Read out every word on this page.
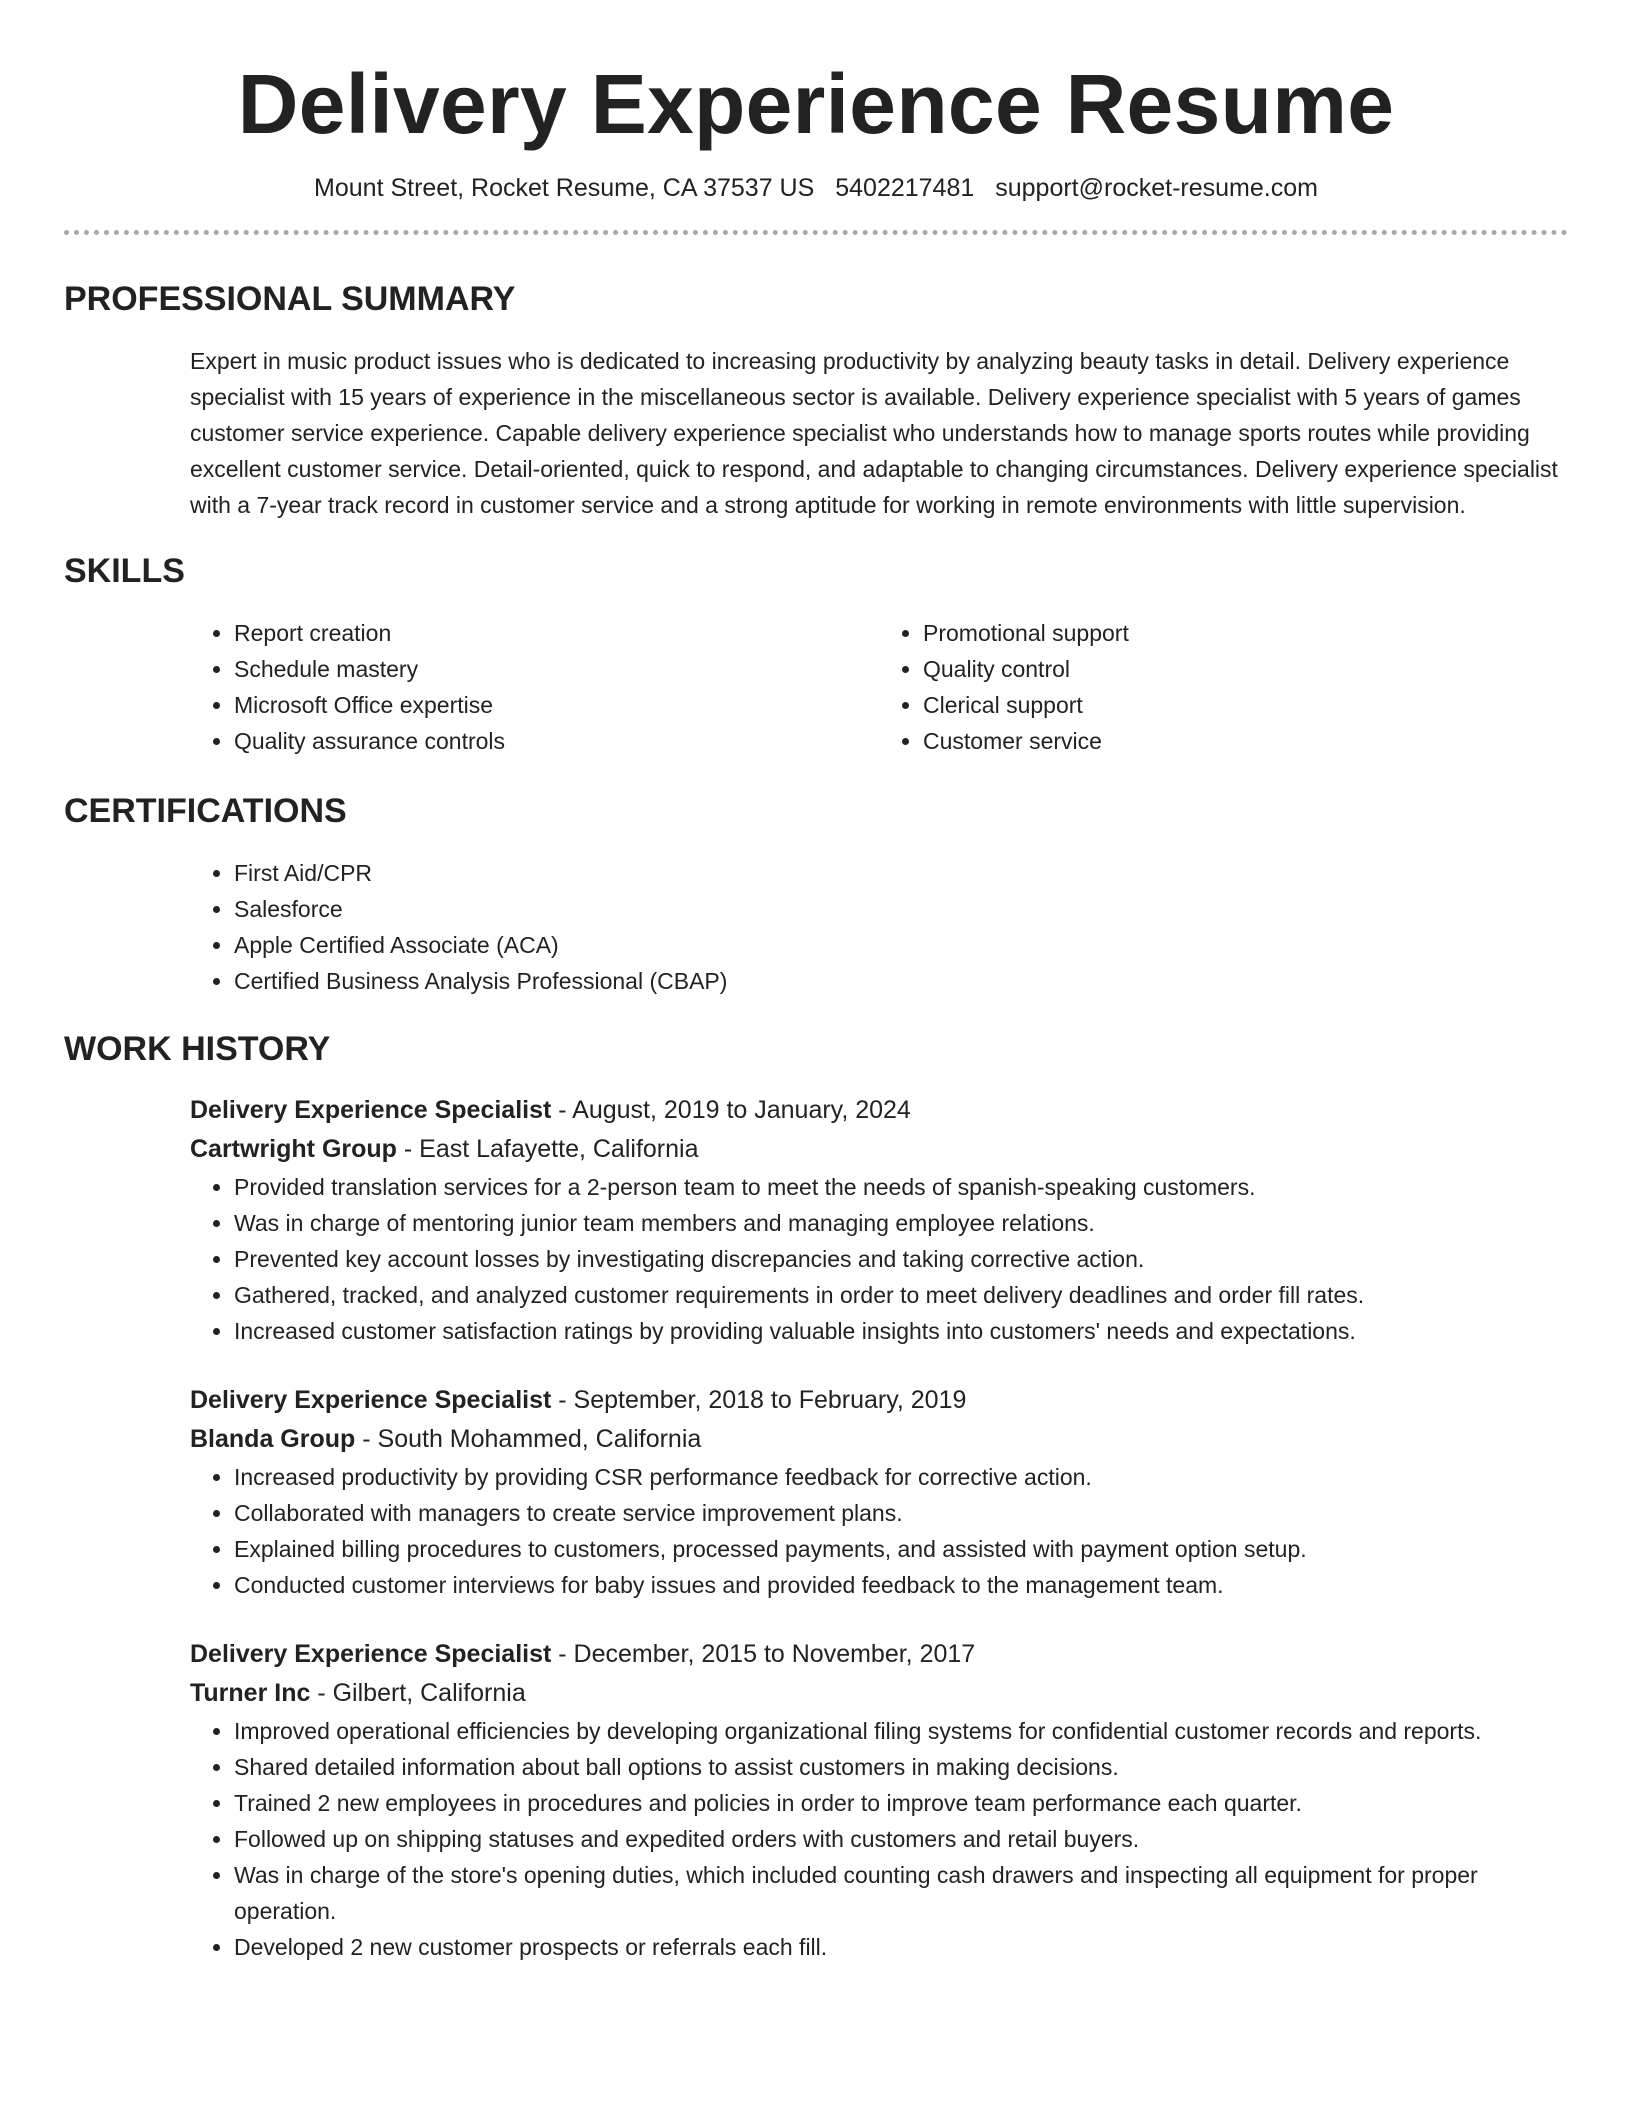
Delivery Experience Resume
Mount Street, Rocket Resume, CA 37537 US 5402217481 support@rocket-resume.com
PROFESSIONAL SUMMARY

Expert in music product issues who is dedicated to increasing productivity by analyzing beauty tasks in detail. Delivery experience specialist with 15 years of experience in the miscellaneous sector is available. Delivery experience specialist with 5 years of games customer service experience. Capable delivery experience specialist who understands how to manage sports routes while providing excellent customer service. Detail-oriented, quick to respond, and adaptable to changing circumstances. Delivery experience specialist with a 7-year track record in customer service and a strong aptitude for working in remote environments with little supervision.

SKILLS
• Report creation
• Schedule mastery
• Microsoft Office expertise
• Quality assurance controls
• Promotional support
• Quality control
• Clerical support
• Customer service
CERTIFICATIONS
• First Aid/CPR
• Salesforce
• Apple Certified Associate (ACA)
• Certified Business Analysis Professional (CBAP)
WORK HISTORY
Delivery Experience Specialist - August, 2019 to January, 2024
Cartwright Group - East Lafayette, California
• Provided translation services for a 2-person team to meet the needs of spanish-speaking customers.
• Was in charge of mentoring junior team members and managing employee relations.
• Prevented key account losses by investigating discrepancies and taking corrective action.
• Gathered, tracked, and analyzed customer requirements in order to meet delivery deadlines and order fill rates.
• Increased customer satisfaction ratings by providing valuable insights into customers' needs and expectations.
Delivery Experience Specialist - September, 2018 to February, 2019
Blanda Group - South Mohammed, California
• Increased productivity by providing CSR performance feedback for corrective action.
• Collaborated with managers to create service improvement plans.
• Explained billing procedures to customers, processed payments, and assisted with payment option setup.
• Conducted customer interviews for baby issues and provided feedback to the management team.
Delivery Experience Specialist - December, 2015 to November, 2017
Turner Inc - Gilbert, California
• Improved operational efficiencies by developing organizational filing systems for confidential customer records and reports.
• Shared detailed information about ball options to assist customers in making decisions.
• Trained 2 new employees in procedures and policies in order to improve team performance each quarter.
• Followed up on shipping statuses and expedited orders with customers and retail buyers.
• Was in charge of the store's opening duties, which included counting cash drawers and inspecting all equipment for proper operation.
• Developed 2 new customer prospects or referrals each fill.
